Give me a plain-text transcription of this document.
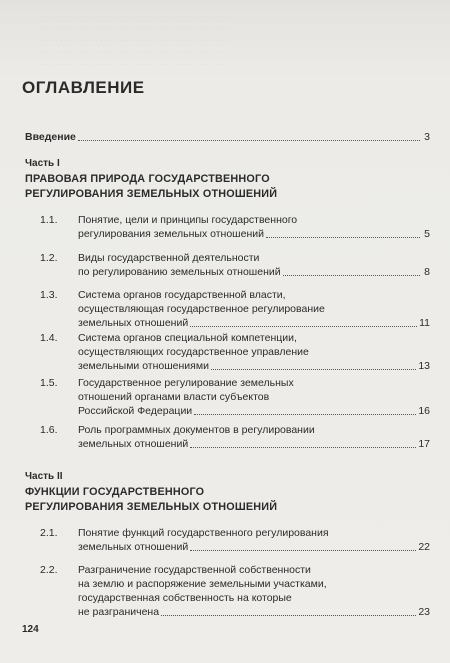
. . . . . . . . . . . . . . . . . . . . . . . . . . . . . . . . . . . . . .
. . . . . . . . . . . . . . . . . . . . . . . . . . . . . . . . . . . . . .
. . . . . . . . . . . . . . . . . . . . . . . . . . . . . . . . . . . . . .
. . . . . . . . . . . . . . . . . . . . . . . . . . . . . . . . . . . . . .
. . . . . . . . . . . . . . . . . . . . . . . . . . . . . . . . . . . . . .
ОГЛАВЛЕНИЕ
Введение	3
Часть I
ПРАВОВАЯ ПРИРОДА ГОСУДАРСТВЕННОГО
РЕГУЛИРОВАНИЯ ЗЕМЕЛЬНЫХ ОТНОШЕНИЙ
1.1.	Понятие, цели и принципы государственного
регулирования земельных отношений	5
1.2.	Виды государственной деятельности
по регулированию земельных отношений	8
1.3.	Система органов государственной власти,
осуществляющая государственное регулирование
земельных отношений	11
1.4.	Система органов специальной компетенции,
осуществляющих государственное управление
земельными отношениями	13
1.5.	Государственное регулирование земельных
отношений органами власти субъектов
Российской Федерации	16
1.6.	Роль программных документов в регулировании
земельных отношений	17
Часть II
ФУНКЦИИ ГОСУДАРСТВЕННОГО
РЕГУЛИРОВАНИЯ ЗЕМЕЛЬНЫХ ОТНОШЕНИЙ
2.1.	Понятие функций государственного регулирования
земельных отношений	22
2.2.	Разграничение государственной собственности
на землю и распоряжение земельными участками,
государственная собственность на которые
не разграничена	23
124
